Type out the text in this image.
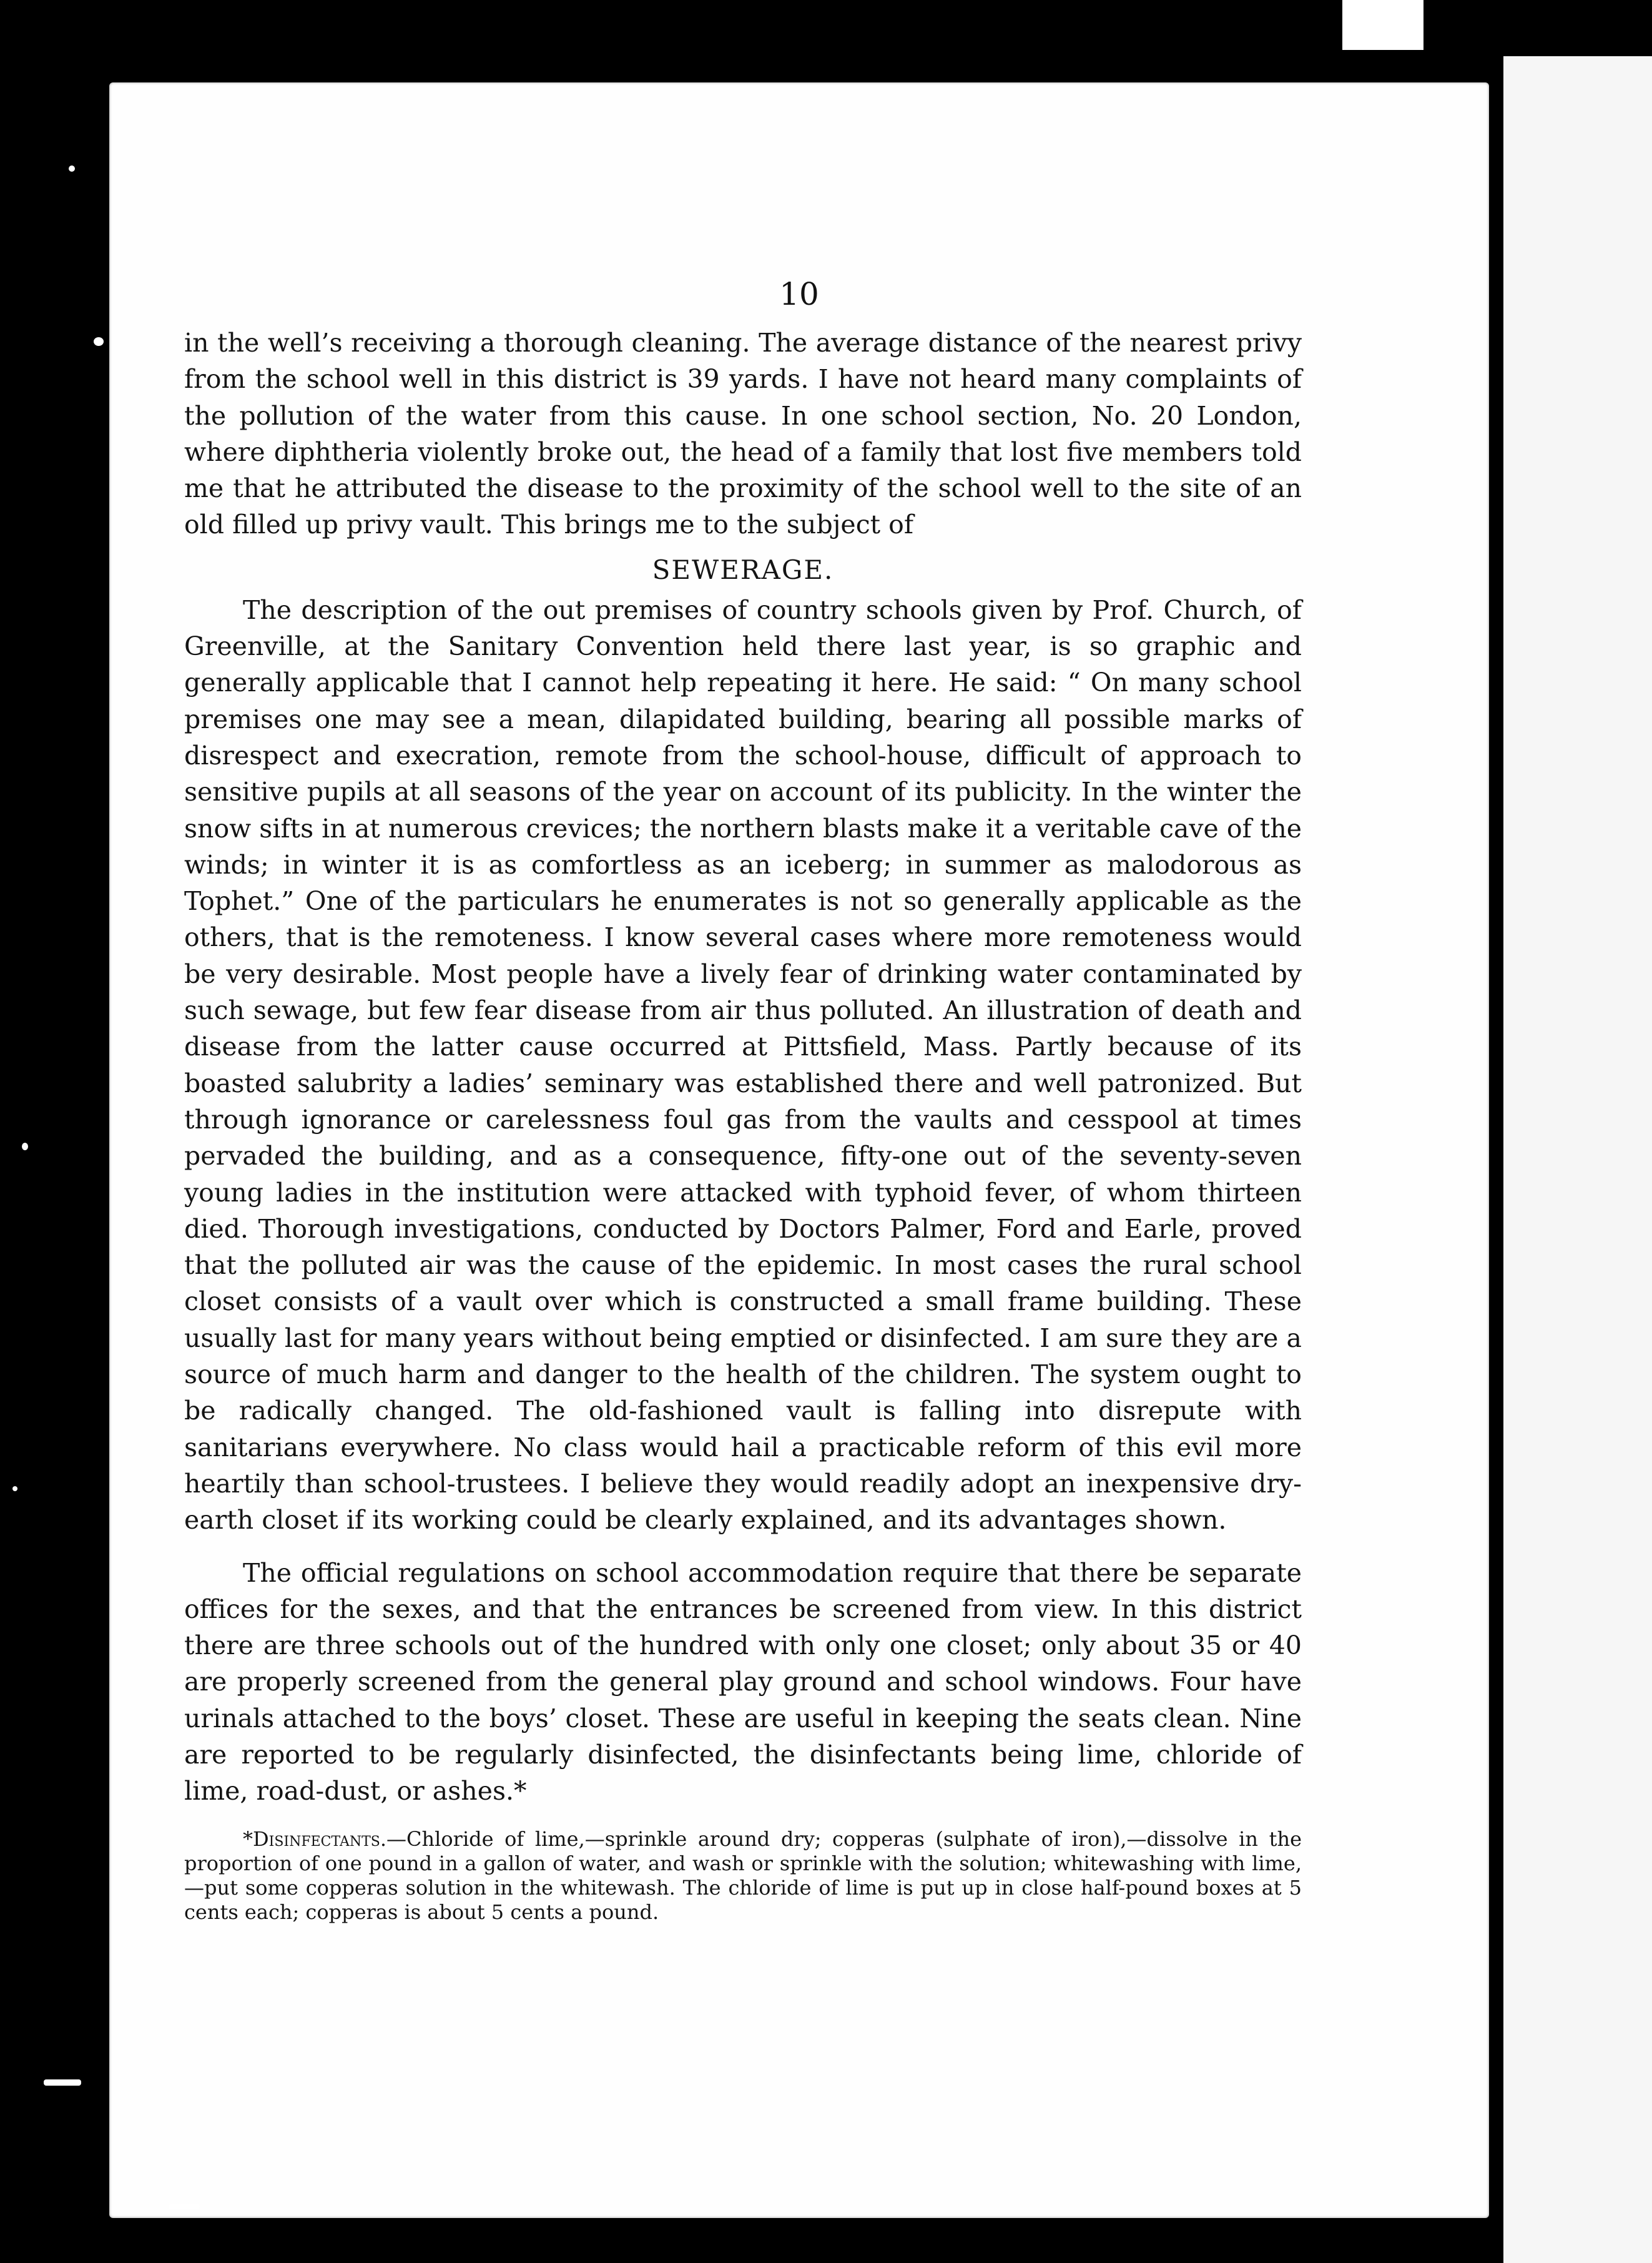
10

in the well’s receiving a thorough cleaning. The average distance of the nearest privy from the school well in this district is 39 yards. I have not heard many complaints of the pollution of the water from this cause. In one school section, No. 20 London, where diphtheria violently broke out, the head of a family that lost five members told me that he attributed the disease to the proximity of the school well to the site of an old filled up privy vault. This brings me to the subject of

SEWERAGE.

The description of the out premises of country schools given by Prof. Church, of Greenville, at the Sanitary Convention held there last year, is so graphic and generally applicable that I cannot help repeating it here. He said: “ On many school premises one may see a mean, dilapidated building, bearing all possible marks of disrespect and execration, remote from the school-house, difficult of approach to sensitive pupils at all seasons of the year on account of its publicity. In the winter the snow sifts in at numerous crevices; the northern blasts make it a veritable cave of the winds; in winter it is as comfortless as an iceberg; in summer as malodorous as Tophet.” One of the particulars he enumerates is not so generally applicable as the others, that is the remoteness. I know several cases where more remoteness would be very desirable. Most people have a lively fear of drinking water contaminated by such sewage, but few fear disease from air thus polluted. An illustration of death and disease from the latter cause occurred at Pittsfield, Mass. Partly because of its boasted salubrity a ladies’ seminary was established there and well patronized. But through ignorance or carelessness foul gas from the vaults and cesspool at times pervaded the building, and as a consequence, fifty-one out of the seventy-seven young ladies in the institution were attacked with typhoid fever, of whom thirteen died. Thorough investigations, conducted by Doctors Palmer, Ford and Earle, proved that the polluted air was the cause of the epidemic. In most cases the rural school closet consists of a vault over which is constructed a small frame building. These usually last for many years without being emptied or disinfected. I am sure they are a source of much harm and danger to the health of the children. The system ought to be radically changed. The old-fashioned vault is falling into disrepute with sanitarians everywhere. No class would hail a practicable reform of this evil more heartily than school-trustees. I believe they would readily adopt an inexpensive dry-earth closet if its working could be clearly explained, and its advantages shown.

The official regulations on school accommodation require that there be separate offices for the sexes, and that the entrances be screened from view. In this district there are three schools out of the hundred with only one closet; only about 35 or 40 are properly screened from the general play ground and school windows. Four have urinals attached to the boys’ closet. These are useful in keeping the seats clean. Nine are reported to be regularly disinfected, the disinfectants being lime, chloride of lime, road-dust, or ashes.*

*Disinfectants.—Chloride of lime,—sprinkle around dry; copperas (sulphate of iron),—dissolve in the proportion of one pound in a gallon of water, and wash or sprinkle with the solution; whitewashing with lime,—put some copperas solution in the whitewash. The chloride of lime is put up in close half-pound boxes at 5 cents each; copperas is about 5 cents a pound.
